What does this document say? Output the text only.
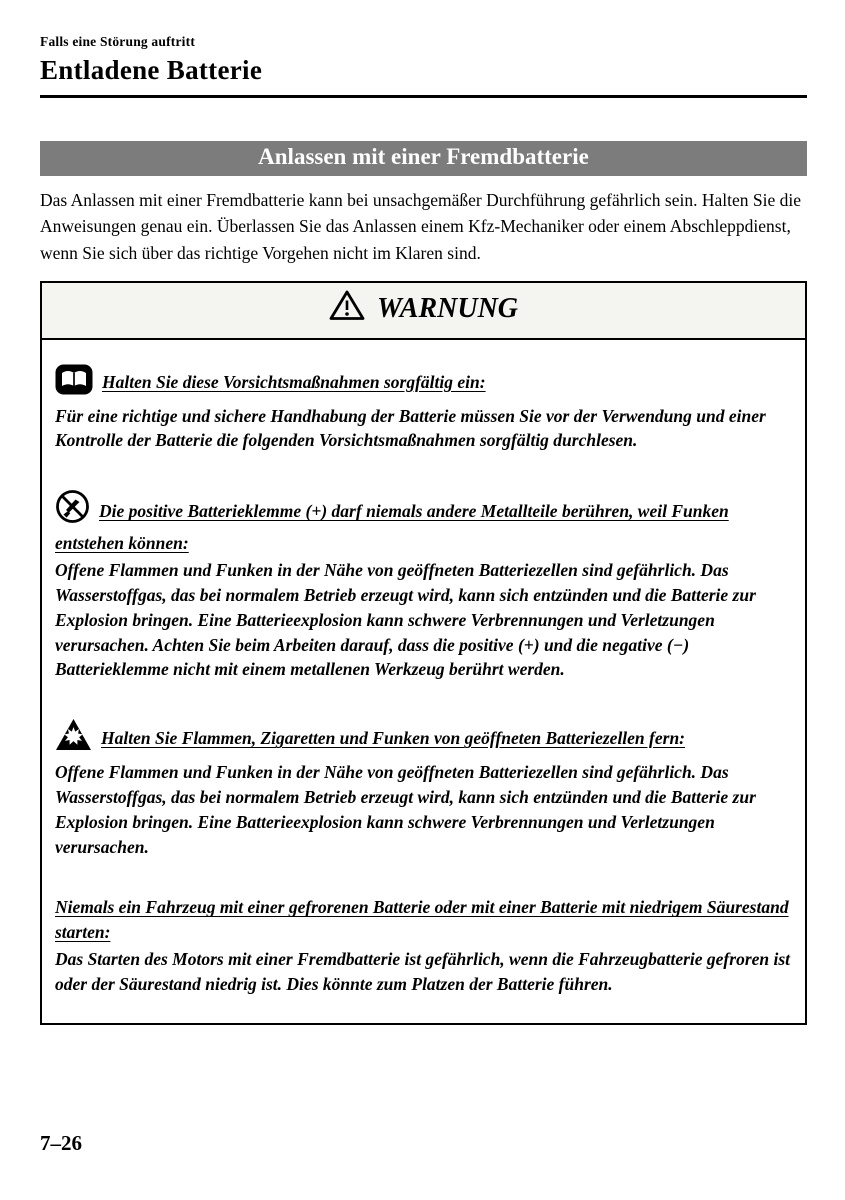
Falls eine Störung auftritt
Entladene Batterie
Anlassen mit einer Fremdbatterie

Das Anlassen mit einer Fremdbatterie kann bei unsachgemäßer Durchführung gefährlich sein. Halten Sie die Anweisungen genau ein. Überlassen Sie das Anlassen einem Kfz-Mechaniker oder einem Abschleppdienst, wenn Sie sich über das richtige Vorgehen nicht im Klaren sind.

WARNUNG
Halten Sie diese Vorsichtsmaßnahmen sorgfältig ein:

Für eine richtige und sichere Handhabung der Batterie müssen Sie vor der Verwendung und einer Kontrolle der Batterie die folgenden Vorsichtsmaßnahmen sorgfältig durchlesen.

Die positive Batterieklemme (+) darf niemals andere Metallteile berühren, weil Funken entstehen können:

Offene Flammen und Funken in der Nähe von geöffneten Batteriezellen sind gefährlich. Das Wasserstoffgas, das bei normalem Betrieb erzeugt wird, kann sich entzünden und die Batterie zur Explosion bringen. Eine Batterieexplosion kann schwere Verbrennungen und Verletzungen verursachen. Achten Sie beim Arbeiten darauf, dass die positive (+) und die negative (−) Batterieklemme nicht mit einem metallenen Werkzeug berührt werden.

Halten Sie Flammen, Zigaretten und Funken von geöffneten Batteriezellen fern:

Offene Flammen und Funken in der Nähe von geöffneten Batteriezellen sind gefährlich. Das Wasserstoffgas, das bei normalem Betrieb erzeugt wird, kann sich entzünden und die Batterie zur Explosion bringen. Eine Batterieexplosion kann schwere Verbrennungen und Verletzungen verursachen.

Niemals ein Fahrzeug mit einer gefrorenen Batterie oder mit einer Batterie mit niedrigem Säurestand starten:

Das Starten des Motors mit einer Fremdbatterie ist gefährlich, wenn die Fahrzeugbatterie gefroren ist oder der Säurestand niedrig ist. Dies könnte zum Platzen der Batterie führen.

7–26
